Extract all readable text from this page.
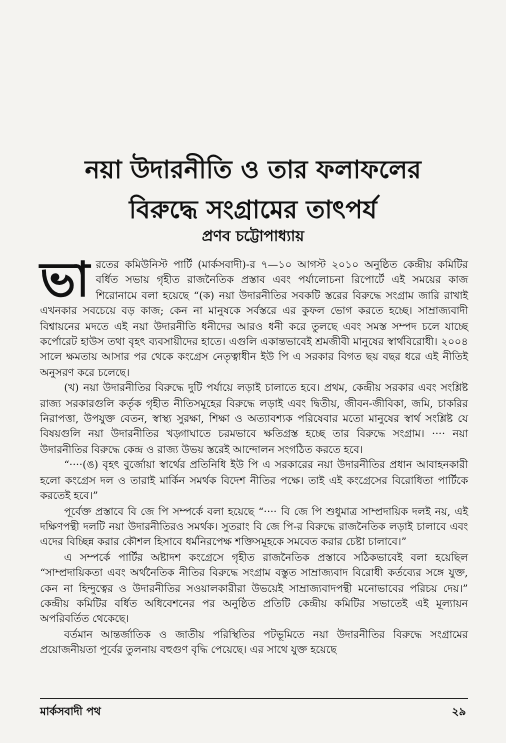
নয়া উদারনীতি ও তার ফলাফলের
বিরুদ্ধে সংগ্রামের তাৎপর্য
প্রণব চট্টোপাধ্যায়

ভারতের কমিউনিস্ট পার্টি (মার্কসবাদী)-র ৭—১০ আগস্ট ২০১০ অনুষ্ঠিত কেন্দ্রীয় কমিটির বর্ধিত সভায় গৃহীত রাজনৈতিক প্রস্তাব এবং পর্যালোচনা রিপোর্টে এই সময়ের কাজ শিরোনামে বলা হয়েছে “(ক) নয়া উদারনীতির সবকটি স্তরের বিরুদ্ধে সংগ্রাম জারি রাখাই এখনকার সবচেয়ে বড় কাজ; কেন না মানুষকে সর্বস্তরে এর কুফল ভোগ করতে হচ্ছে। সাম্রাজ্যবাদী বিশ্বায়নের মদতে এই নয়া উদারনীতি ধনীদের আরও ধনী করে তুলছে এবং সমস্ত সম্পদ চলে যাচ্ছে কর্পোরেট হাউস তথা বৃহৎ ব্যবসায়ীদের হাতে। এগুলি একান্তভাবেই শ্রমজীবী মানুষের স্বার্থবিরোধী। ২০০৪ সালে ক্ষমতায় আসার পর থেকে কংগ্রেস নেতৃত্বাধীন ইউ পি এ সরকার বিগত ছয় বছর ধরে এই নীতিই অনুসরণ করে চলেছে।

(খ) নয়া উদারনীতির বিরুদ্ধে দুটি পর্যায়ে লড়াই চালাতে হবে। প্রথম, কেন্দ্রীয় সরকার এবং সংশ্লিষ্ট রাজ্য সরকারগুলি কর্তৃক গৃহীত নীতিসমূহের বিরুদ্ধে লড়াই এবং দ্বিতীয়, জীবন-জীবিকা, জমি, চাকরির নিরাপত্তা, উপযুক্ত বেতন, স্বাস্থ্য সুরক্ষা, শিক্ষা ও অত্যাবশ্যক পরিষেবার মতো মানুষের স্বার্থ সংশ্লিষ্ট যে বিষয়গুলি নয়া উদারনীতির খড়্গাঘাতে চরমভাবে ক্ষতিগ্রস্ত হচ্ছে তার বিরুদ্ধে সংগ্রাম। ···· নয়া উদারনীতির বিরুদ্ধে কেন্দ্র ও রাজ্য উভয় স্তরেই আন্দোলন সংগঠিত করতে হবে।

“····(ঙ) বৃহৎ বুর্জোয়া স্বার্থের প্রতিনিধি ইউ পি এ সরকারের নয়া উদারনীতির প্রধান আবাহনকারী হলো কংগ্রেস দল ও তারাই মার্কিন সমর্থক বিদেশ নীতির পক্ষে। তাই এই কংগ্রেসের বিরোধিতা পার্টিকে করতেই হবে।”

পূর্বেক্ত প্রস্তাবে বি জে পি সম্পর্কে বলা হয়েছে “···· বি জে পি শুধুমাত্র সাম্প্রদায়িক দলই নয়, এই দক্ষিণপন্থী দলটি নয়া উদারনীতিরও সমর্থক। সুতরাং বি জে পি-র বিরুদ্ধে রাজনৈতিক লড়াই চালাবে এবং এদের বিচ্ছিন্ন করার কৌশল হিসাবে ধর্মনিরপেক্ষ শক্তিসমূহকে সমবেত করার চেষ্টা চালাবে।”

এ সম্পর্কে পার্টির অষ্টাদশ কংগ্রেসে গৃহীত রাজনৈতিক প্রস্তাবে সঠিকভাবেই বলা হয়েছিল “সাম্প্রদায়িকতা এবং অর্থনৈতিক নীতির বিরুদ্ধে সংগ্রাম বস্তুত সাম্রাজ্যবাদ বিরোধী কর্তব্যের সঙ্গে যুক্ত, কেন না হিন্দুত্বের ও উদারনীতির সওয়ালকারীরা উভয়েই সাম্রাজ্যবাদপন্থী মনোভাবের পরিচয় দেয়।” কেন্দ্রীয় কমিটির বর্ধিত অধিবেশনের পর অনুষ্ঠিত প্রতিটি কেন্দ্রীয় কমিটির সভাতেই এই মূল্যায়ন অপরিবর্তিত থেকেছে।

বর্তমান আন্তর্জাতিক ও জাতীয় পরিস্থিতির পটভূমিতে নয়া উদারনীতির বিরুদ্ধে সংগ্রামের প্রয়োজনীয়তা পূর্বের তুলনায় বহুগুণ বৃদ্ধি পেয়েছে। এর সাথে যুক্ত হয়েছে

মার্কসবাদী পথ	২৯
